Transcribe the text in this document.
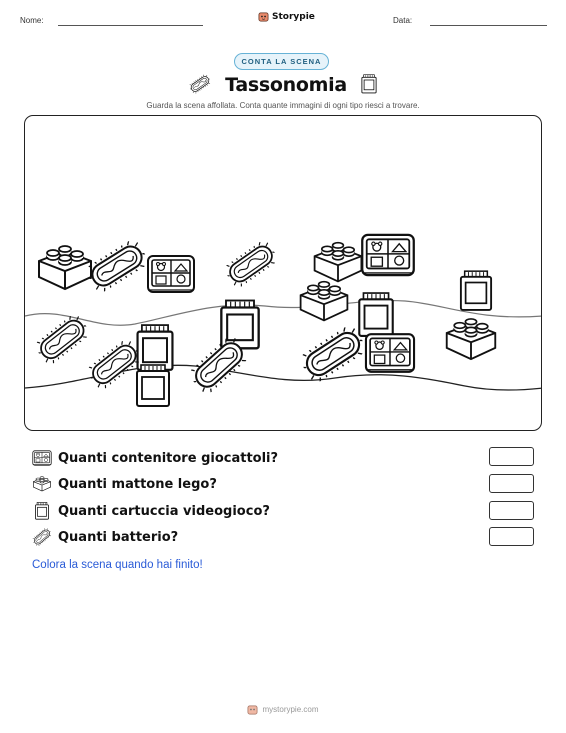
Nome:	Storypie	Data:
CONTA LA SCENA
Tassonomia
Guarda la scena affollata. Conta quante immagini di ogni tipo riesci a trovare.
Quanti contenitore giocattoli?
Quanti mattone lego?
Quanti cartuccia videogioco?
Quanti batterio?
Colora la scena quando hai finito!
mystorypie.com
